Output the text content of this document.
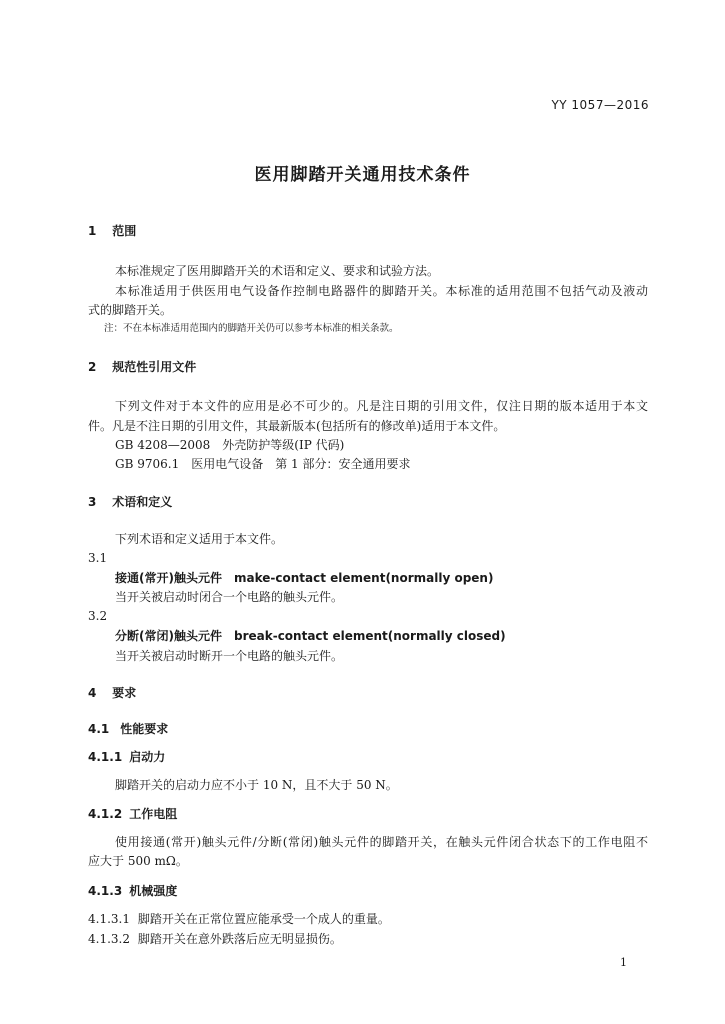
YY 1057—2016
医用脚踏开关通用技术条件
1 范围
本标准规定了医用脚踏开关的术语和定义、要求和试验方法。
本标准适用于供医用电气设备作控制电路器件的脚踏开关。本标准的适用范围不包括气动及液动
式的脚踏开关。
注：不在本标准适用范围内的脚踏开关仍可以参考本标准的相关条款。
2 规范性引用文件
下列文件对于本文件的应用是必不可少的。凡是注日期的引用文件，仅注日期的版本适用于本文
件。凡是不注日期的引用文件，其最新版本(包括所有的修改单)适用于本文件。
GB 4208—2008　外壳防护等级(IP 代码)
GB 9706.1　医用电气设备　第 1 部分：安全通用要求
3 术语和定义
下列术语和定义适用于本文件。
3.1
接通(常开)触头元件 make-contact element(normally open)
当开关被启动时闭合一个电路的触头元件。
3.2
分断(常闭)触头元件 break-contact element(normally closed)
当开关被启动时断开一个电路的触头元件。
4 要求
4.1 性能要求
4.1.1 启动力
脚踏开关的启动力应不小于 10 N，且不大于 50 N。
4.1.2 工作电阻
使用接通(常开)触头元件/分断(常闭)触头元件的脚踏开关，在触头元件闭合状态下的工作电阻不
应大于 500 mΩ。
4.1.3 机械强度
4.1.3.1 脚踏开关在正常位置应能承受一个成人的重量。
4.1.3.2 脚踏开关在意外跌落后应无明显损伤。
1
